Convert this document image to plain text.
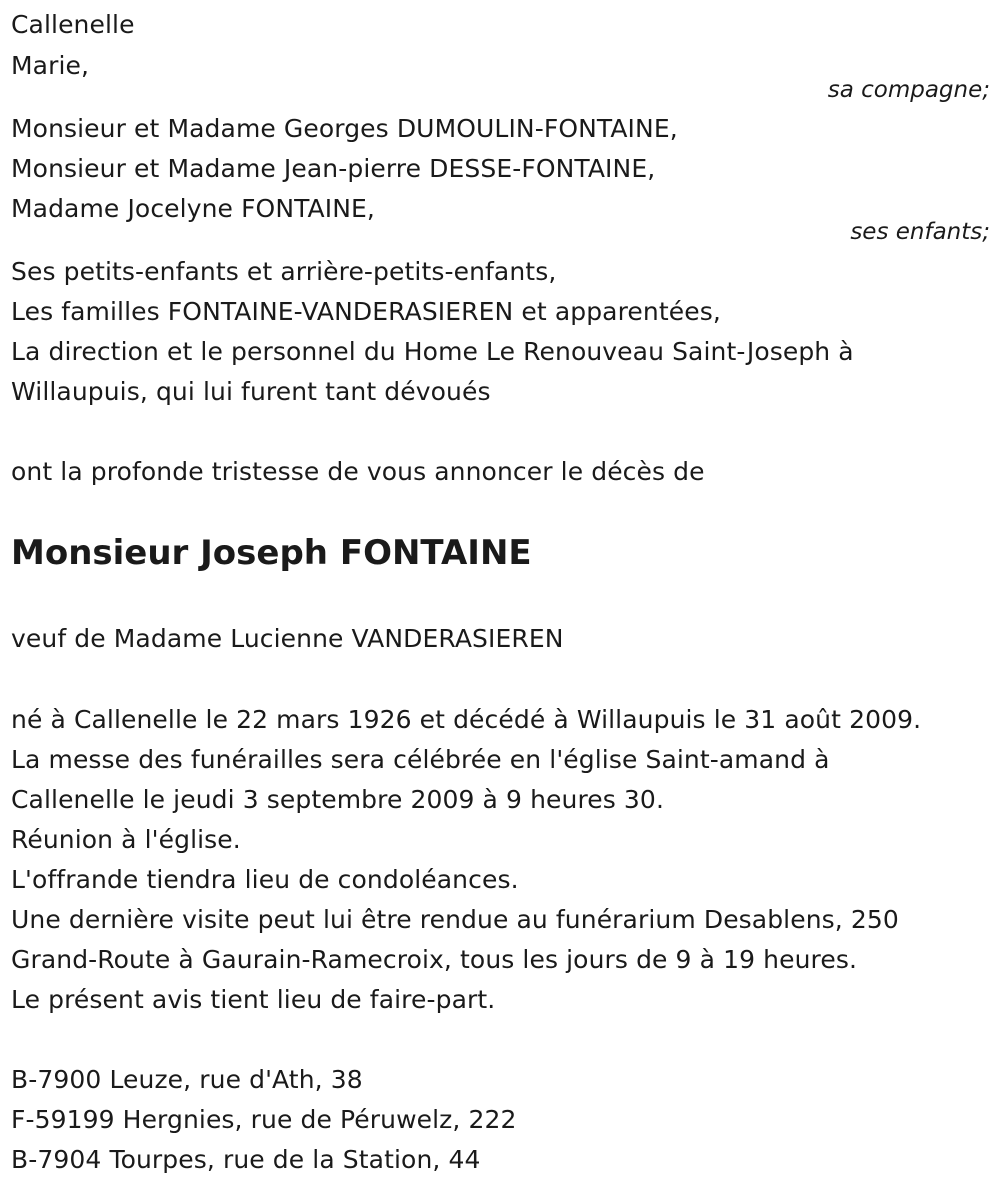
Callenelle
Marie,
sa compagne;
Monsieur et Madame Georges DUMOULIN-FONTAINE,
Monsieur et Madame Jean-pierre DESSE-FONTAINE,
Madame Jocelyne FONTAINE,
ses enfants;
Ses petits-enfants et arrière-petits-enfants,
Les familles FONTAINE-VANDERASIEREN et apparentées,
La direction et le personnel du Home Le Renouveau Saint-Joseph à
Willaupuis, qui lui furent tant dévoués
ont la profonde tristesse de vous annoncer le décès de
Monsieur Joseph FONTAINE
veuf de Madame Lucienne VANDERASIEREN
né à Callenelle le 22 mars 1926 et décédé à Willaupuis le 31 août 2009.
La messe des funérailles sera célébrée en l'église Saint-amand à
Callenelle le jeudi 3 septembre 2009 à 9 heures 30.
Réunion à l'église.
L'offrande tiendra lieu de condoléances.
Une dernière visite peut lui être rendue au funérarium Desablens, 250
Grand-Route à Gaurain-Ramecroix, tous les jours de 9 à 19 heures.
Le présent avis tient lieu de faire-part.
B-7900 Leuze, rue d'Ath, 38
F-59199 Hergnies, rue de Péruwelz, 222
B-7904 Tourpes, rue de la Station, 44
